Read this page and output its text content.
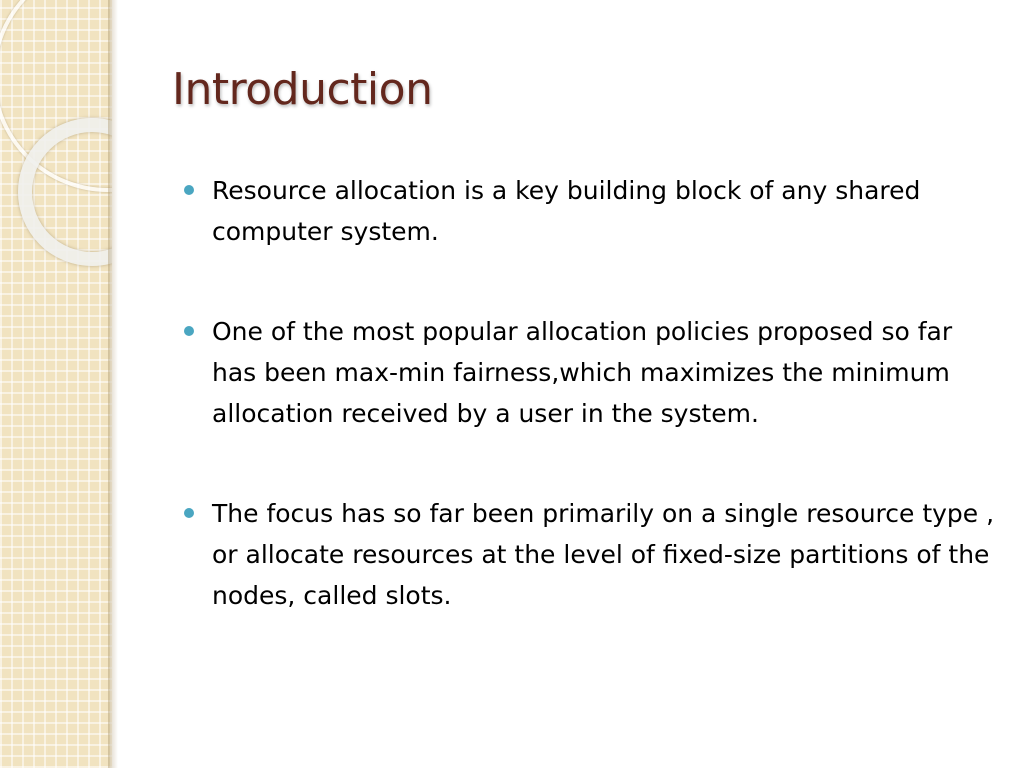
Introduction
Resource allocation is a key building block of any shared computer system.
One of the most popular allocation policies proposed so far has been max-min fairness,which maximizes the minimum allocation received by a user in the system.
The focus has so far been primarily on a single resource type , or allocate resources at the level of fixed-size partitions of the nodes, called slots.
